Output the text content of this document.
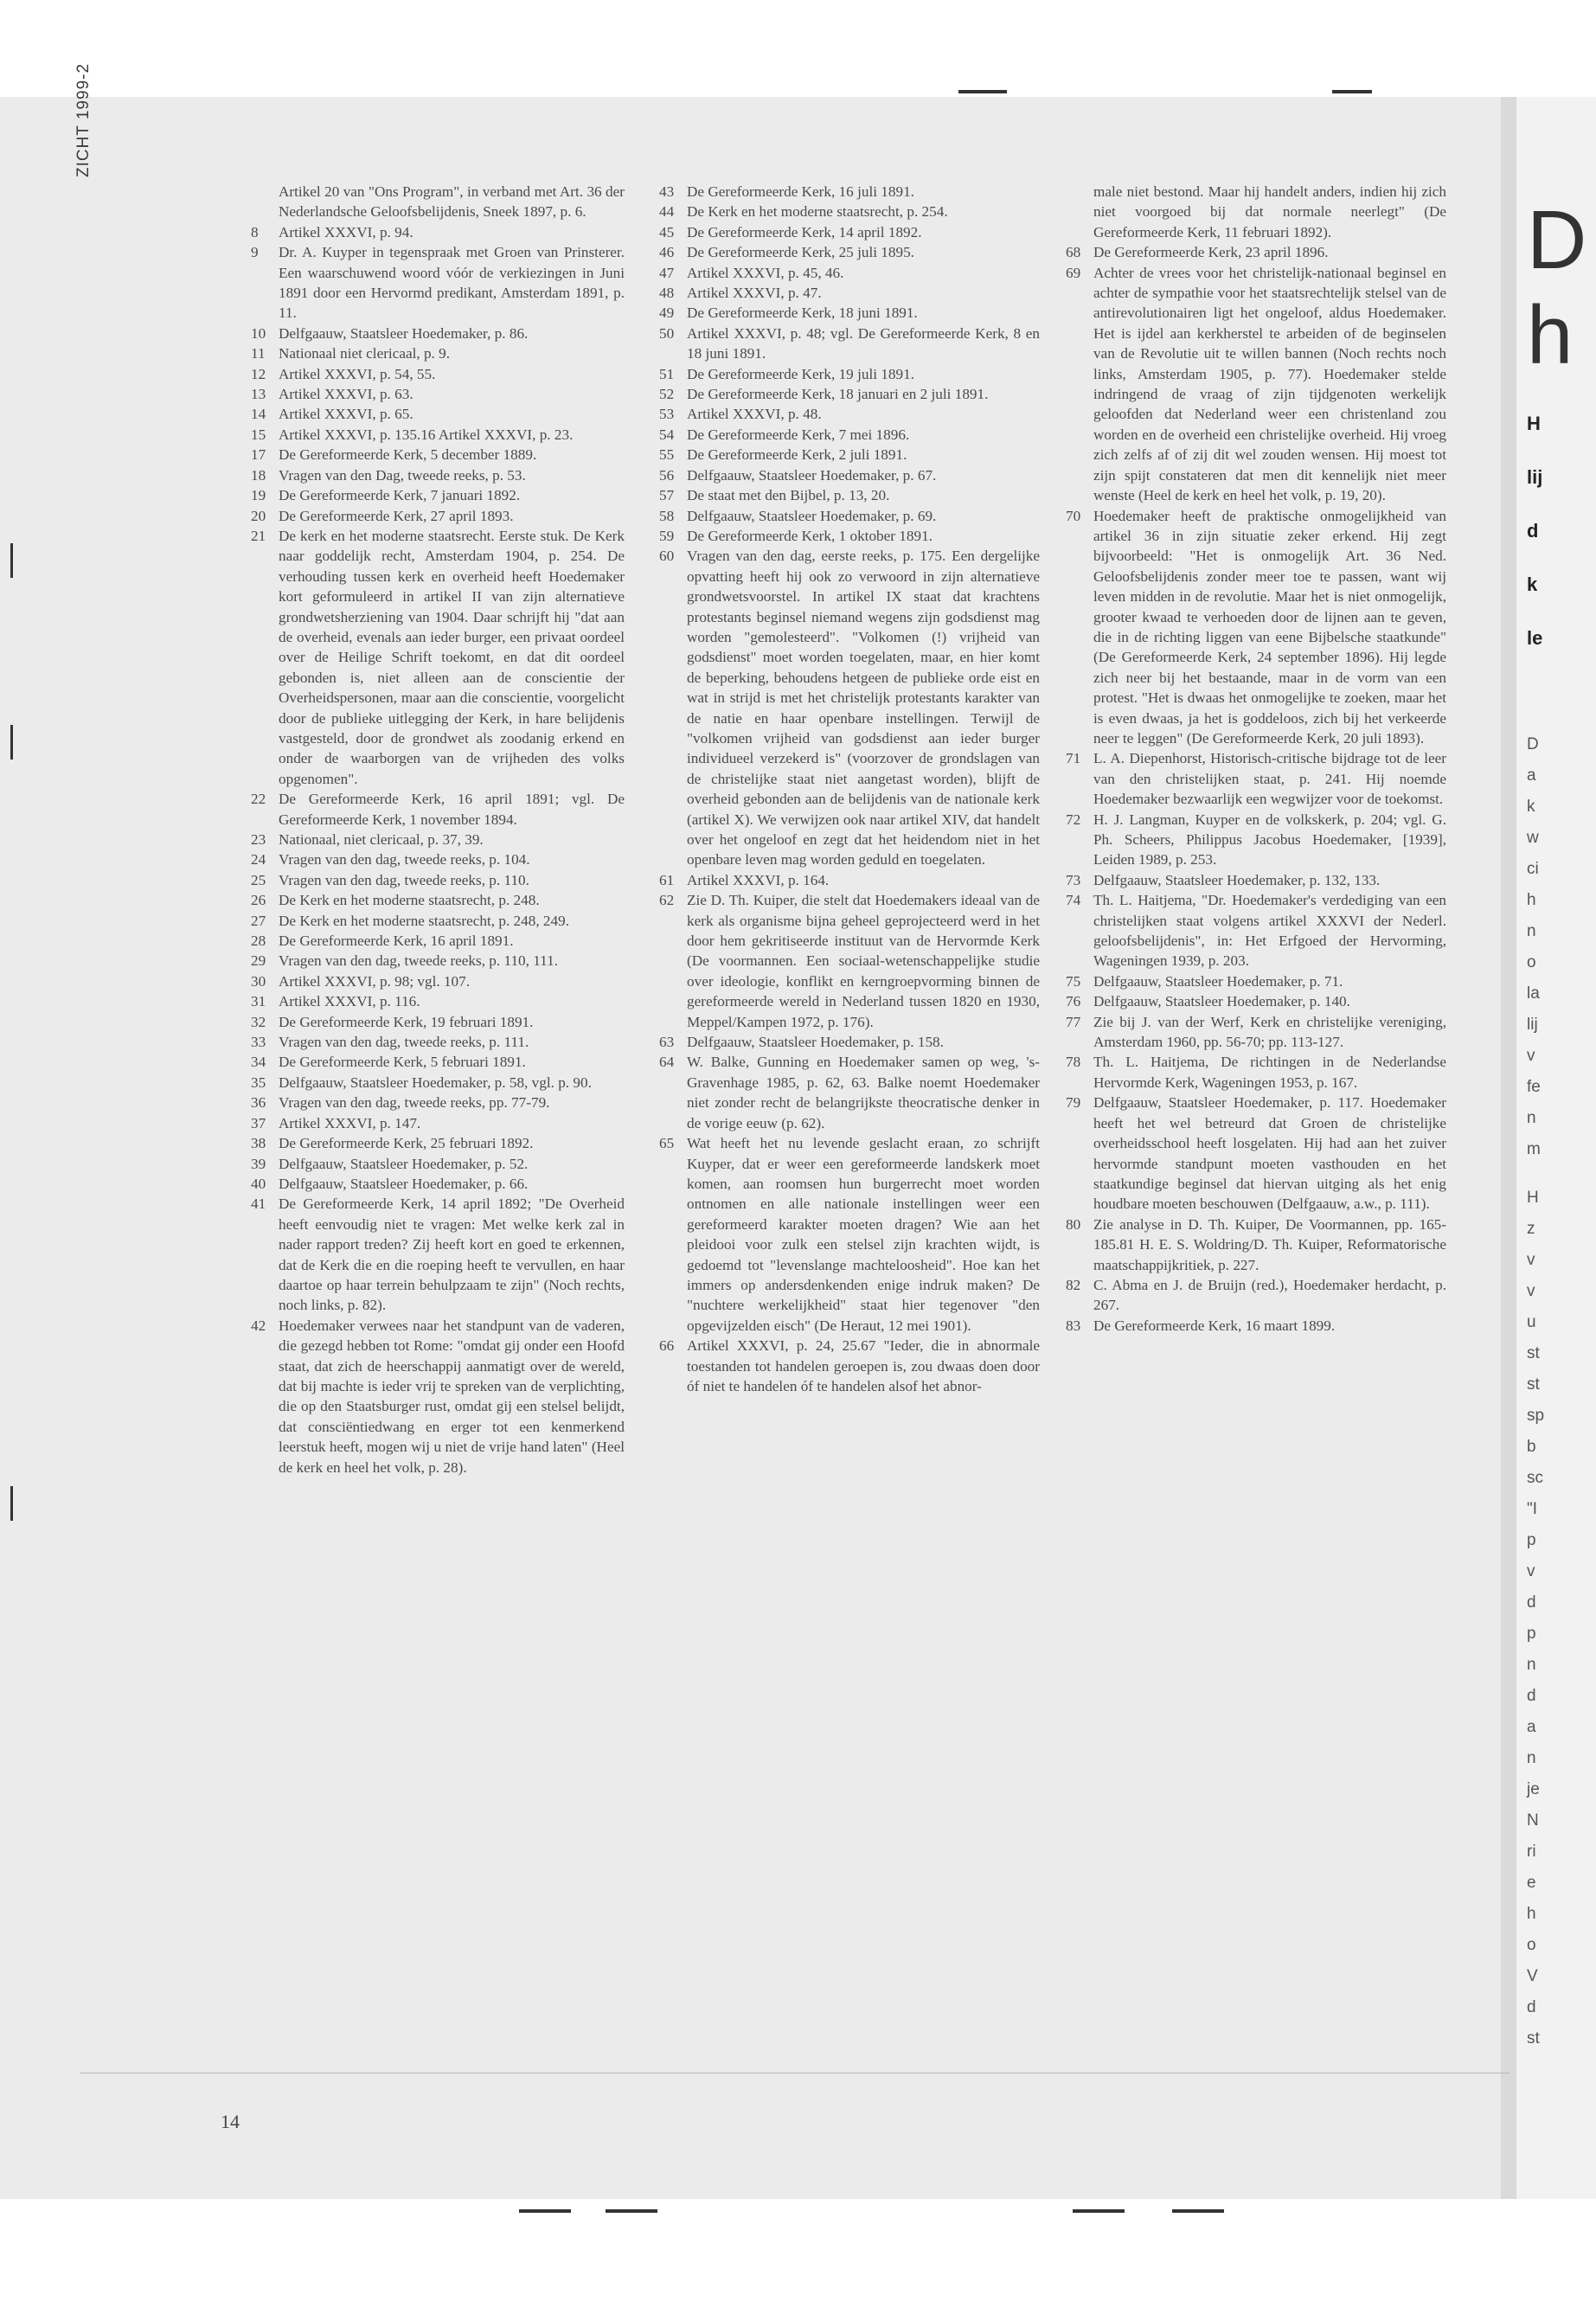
ZICHT 1999-2
Artikel 20 van "Ons Program", in verband met Art. 36 der Nederlandsche Geloofsbelijdenis, Sneek 1897, p. 6.
8	Artikel XXXVI, p. 94.
9	Dr. A. Kuyper in tegenspraak met Groen van Prinsterer. Een waarschuwend woord vóór de verkiezingen in Juni 1891 door een Hervormd predikant, Amsterdam 1891, p. 11.
10 Delfgaauw, Staatsleer Hoedemaker, p. 86.
11 Nationaal niet clericaal, p. 9.
12 Artikel XXXVI, p. 54, 55.
13 Artikel XXXVI, p. 63.
14 Artikel XXXVI, p. 65.
15 Artikel XXXVI, p. 135.16 Artikel XXXVI, p. 23.
17 De Gereformeerde Kerk, 5 december 1889.
18 Vragen van den Dag, tweede reeks, p. 53.
19 De Gereformeerde Kerk, 7 januari 1892.
20 De Gereformeerde Kerk, 27 april 1893.
21 De kerk en het moderne staatsrecht. Eerste stuk. De Kerk naar goddelijk recht, Amsterdam 1904, p. 254. De verhouding tussen kerk en overheid heeft Hoedemaker kort geformuleerd in artikel II van zijn alternatieve grondwetsherziening van 1904. Daar schrijft hij "dat aan de overheid, evenals aan ieder burger, een privaat oordeel over de Heilige Schrift toekomt, en dat dit oordeel gebonden is, niet alleen aan de conscientie der Overheidspersonen, maar aan die conscientie, voorgelicht door de publieke uitlegging der Kerk, in hare belijdenis vastgesteld, door de grondwet als zoodanig erkend en onder de waarborgen van de vrijheden des volks opgenomen".
22 De Gereformeerde Kerk, 16 april 1891; vgl. De Gereformeerde Kerk, 1 november 1894.
23 Nationaal, niet clericaal, p. 37, 39.
24 Vragen van den dag, tweede reeks, p. 104.
25 Vragen van den dag, tweede reeks, p. 110.
26 De Kerk en het moderne staatsrecht, p. 248.
27 De Kerk en het moderne staatsrecht, p. 248, 249.
28 De Gereformeerde Kerk, 16 april 1891.
29 Vragen van den dag, tweede reeks, p. 110, 111.
30 Artikel XXXVI, p. 98; vgl. 107.
31 Artikel XXXVI, p. 116.
32 De Gereformeerde Kerk, 19 februari 1891.
33 Vragen van den dag, tweede reeks, p. 111.
34 De Gereformeerde Kerk, 5 februari 1891.
35 Delfgaauw, Staatsleer Hoedemaker, p. 58, vgl. p. 90.
36 Vragen van den dag, tweede reeks, pp. 77-79.
37 Artikel XXXVI, p. 147.
38 De Gereformeerde Kerk, 25 februari 1892.
39 Delfgaauw, Staatsleer Hoedemaker, p. 52.
40 Delfgaauw, Staatsleer Hoedemaker, p. 66.
41 De Gereformeerde Kerk, 14 april 1892; "De Overheid heeft eenvoudig niet te vragen: Met welke kerk zal in nader rapport treden? Zij heeft kort en goed te erkennen, dat de Kerk die en die roeping heeft te vervullen, en haar daartoe op haar terrein behulpzaam te zijn" (Noch rechts, noch links, p. 82).
42 Hoedemaker verwees naar het standpunt van de vaderen, die gezegd hebben tot Rome: "omdat gij onder een Hoofd staat, dat zich de heerschappij aanmatigt over de wereld, dat bij machte is ieder vrij te spreken van de verplichting, die op den Staatsburger rust, omdat gij een stelsel belijdt, dat consciëntiedwang en erger tot een kenmerkend leerstuk heeft, mogen wij u niet de vrije hand laten" (Heel de kerk en heel het volk, p. 28).
43 De Gereformeerde Kerk, 16 juli 1891.
44 De Kerk en het moderne staatsrecht, p. 254.
45 De Gereformeerde Kerk, 14 april 1892.
46 De Gereformeerde Kerk, 25 juli 1895.
47 Artikel XXXVI, p. 45, 46.
48 Artikel XXXVI, p. 47.
49 De Gereformeerde Kerk, 18 juni 1891.
50 Artikel XXXVI, p. 48; vgl. De Gereformeerde Kerk, 8 en 18 juni 1891.
51 De Gereformeerde Kerk, 19 juli 1891.
52 De Gereformeerde Kerk, 18 januari en 2 juli 1891.
53 Artikel XXXVI, p. 48.
54 De Gereformeerde Kerk, 7 mei 1896.
55 De Gereformeerde Kerk, 2 juli 1891.
56 Delfgaauw, Staatsleer Hoedemaker, p. 67.
57 De staat met den Bijbel, p. 13, 20.
58 Delfgaauw, Staatsleer Hoedemaker, p. 69.
59 De Gereformeerde Kerk, 1 oktober 1891.
60 Vragen van den dag, eerste reeks, p. 175. Een dergelijke opvatting heeft hij ook zo verwoord in zijn alternatieve grondwetsvoorstel. In artikel IX staat dat krachtens protestants beginsel niemand wegens zijn godsdienst mag worden "gemolesteerd". "Volkomen (!) vrijheid van godsdienst" moet worden toegelaten, maar, en hier komt de beperking, behoudens hetgeen de publieke orde eist en wat in strijd is met het christelijk protestants karakter van de natie en haar openbare instellingen. Terwijl de "volkomen vrijheid van godsdienst aan ieder burger individueel verzekerd is" (voorzover de grondslagen van de christelijke staat niet aangetast worden), blijft de overheid gebonden aan de belijdenis van de nationale kerk (artikel X). We verwijzen ook naar artikel XIV, dat handelt over het ongeloof en zegt dat het heidendom niet in het openbare leven mag worden geduld en toegelaten.
61 Artikel XXXVI, p. 164.
62 Zie D. Th. Kuiper, die stelt dat Hoedemakers ideaal van de kerk als organisme bijna geheel geprojecteerd werd in het door hem gekritiseerde instituut van de Hervormde Kerk (De voormannen. Een sociaal-wetenschappelijke studie over ideologie, konflikt en kerngroepvorming binnen de gereformeerde wereld in Nederland tussen 1820 en 1930, Meppel/Kampen 1972, p. 176).
63 Delfgaauw, Staatsleer Hoedemaker, p. 158.
64 W. Balke, Gunning en Hoedemaker samen op weg, 's-Gravenhage 1985, p. 62, 63. Balke noemt Hoedemaker niet zonder recht de belangrijkste theocratische denker in de vorige eeuw (p. 62).
65 Wat heeft het nu levende geslacht eraan, zo schrijft Kuyper, dat er weer een gereformeerde landskerk moet komen, aan roomsen hun burgerrecht moet worden ontnomen en alle nationale instellingen weer een gereformeerd karakter moeten dragen? Wie aan het pleidooi voor zulk een stelsel zijn krachten wijdt, is gedoemd tot "levenslange machteloosheid". Hoe kan het immers op andersdenkenden enige indruk maken? De "nuchtere werkelijkheid" staat hier tegenover "den opgevijzelden eisch" (De Heraut, 12 mei 1901).
66 Artikel XXXVI, p. 24, 25.67 "Ieder, die in abnormale toestanden tot handelen geroepen is, zou dwaas doen door óf niet te handelen óf te handelen alsof het abnor-
male niet bestond. Maar hij handelt anders, indien hij zich niet voorgoed bij dat normale neerlegt" (De Gereformeerde Kerk, 11 februari 1892).
68 De Gereformeerde Kerk, 23 april 1896.
69 Achter de vrees voor het christelijk-nationaal beginsel en achter de sympathie voor het staatsrechtelijk stelsel van de antirevolutionairen ligt het ongeloof, aldus Hoedemaker. Het is ijdel aan kerkherstel te arbeiden of de beginselen van de Revolutie uit te willen bannen (Noch rechts noch links, Amsterdam 1905, p. 77). Hoedemaker stelde indringend de vraag of zijn tijdgenoten werkelijk geloofden dat Nederland weer een christenland zou worden en de overheid een christelijke overheid. Hij vroeg zich zelfs af of zij dit wel zouden wensen. Hij moest tot zijn spijt constateren dat men dit kennelijk niet meer wenste (Heel de kerk en heel het volk, p. 19, 20).
70 Hoedemaker heeft de praktische onmogelijkheid van artikel 36 in zijn situatie zeker erkend. Hij zegt bijvoorbeeld: "Het is onmogelijk Art. 36 Ned. Geloofsbelijdenis zonder meer toe te passen, want wij leven midden in de revolutie. Maar het is niet onmogelijk, grooter kwaad te verhoeden door de lijnen aan te geven, die in de richting liggen van eene Bijbelsche staatkunde" (De Gereformeerde Kerk, 24 september 1896). Hij legde zich neer bij het bestaande, maar in de vorm van een protest. "Het is dwaas het onmogelijke te zoeken, maar het is even dwaas, ja het is goddeloos, zich bij het verkeerde neer te leggen" (De Gereformeerde Kerk, 20 juli 1893).
71 L. A. Diepenhorst, Historisch-critische bijdrage tot de leer van den christelijken staat, p. 241. Hij noemde Hoedemaker bezwaarlijk een wegwijzer voor de toekomst.
72 H. J. Langman, Kuyper en de volkskerk, p. 204; vgl. G. Ph. Scheers, Philippus Jacobus Hoedemaker, [1939], Leiden 1989, p. 253.
73 Delfgaauw, Staatsleer Hoedemaker, p. 132, 133.
74 Th. L. Haitjema, "Dr. Hoedemaker's verdediging van een christelijken staat volgens artikel XXXVI der Nederl. geloofsbelijdenis", in: Het Erfgoed der Hervorming, Wageningen 1939, p. 203.
75 Delfgaauw, Staatsleer Hoedemaker, p. 71.
76 Delfgaauw, Staatsleer Hoedemaker, p. 140.
77 Zie bij J. van der Werf, Kerk en christelijke vereniging, Amsterdam 1960, pp. 56-70; pp. 113-127.
78 Th. L. Haitjema, De richtingen in de Nederlandse Hervormde Kerk, Wageningen 1953, p. 167.
79 Delfgaauw, Staatsleer Hoedemaker, p. 117. Hoedemaker heeft het wel betreurd dat Groen de christelijke overheidsschool heeft losgelaten. Hij had aan het zuiver hervormde standpunt moeten vasthouden en het staatkundige beginsel dat hiervan uitging als het enig houdbare moeten beschouwen (Delfgaauw, a.w., p. 111).
80 Zie analyse in D. Th. Kuiper, De Voormannen, pp. 165-185.81 H. E. S. Woldring/D. Th. Kuiper, Reformatorische maatschappijkritiek, p. 227.
82 C. Abma en J. de Bruijn (red.), Hoedemaker herdacht, p. 267.
83 De Gereformeerde Kerk, 16 maart 1899.
14
D
h
H
lij
d
k
le
D
a
k
w
ci
h
n
o
la
lij
v
fe
n
m
H
z
v
v
u
st
st
sp
b
sc
"I
p
v
d
p
n
d
a
n
je
N
ri
e
h
o
V
d
st
